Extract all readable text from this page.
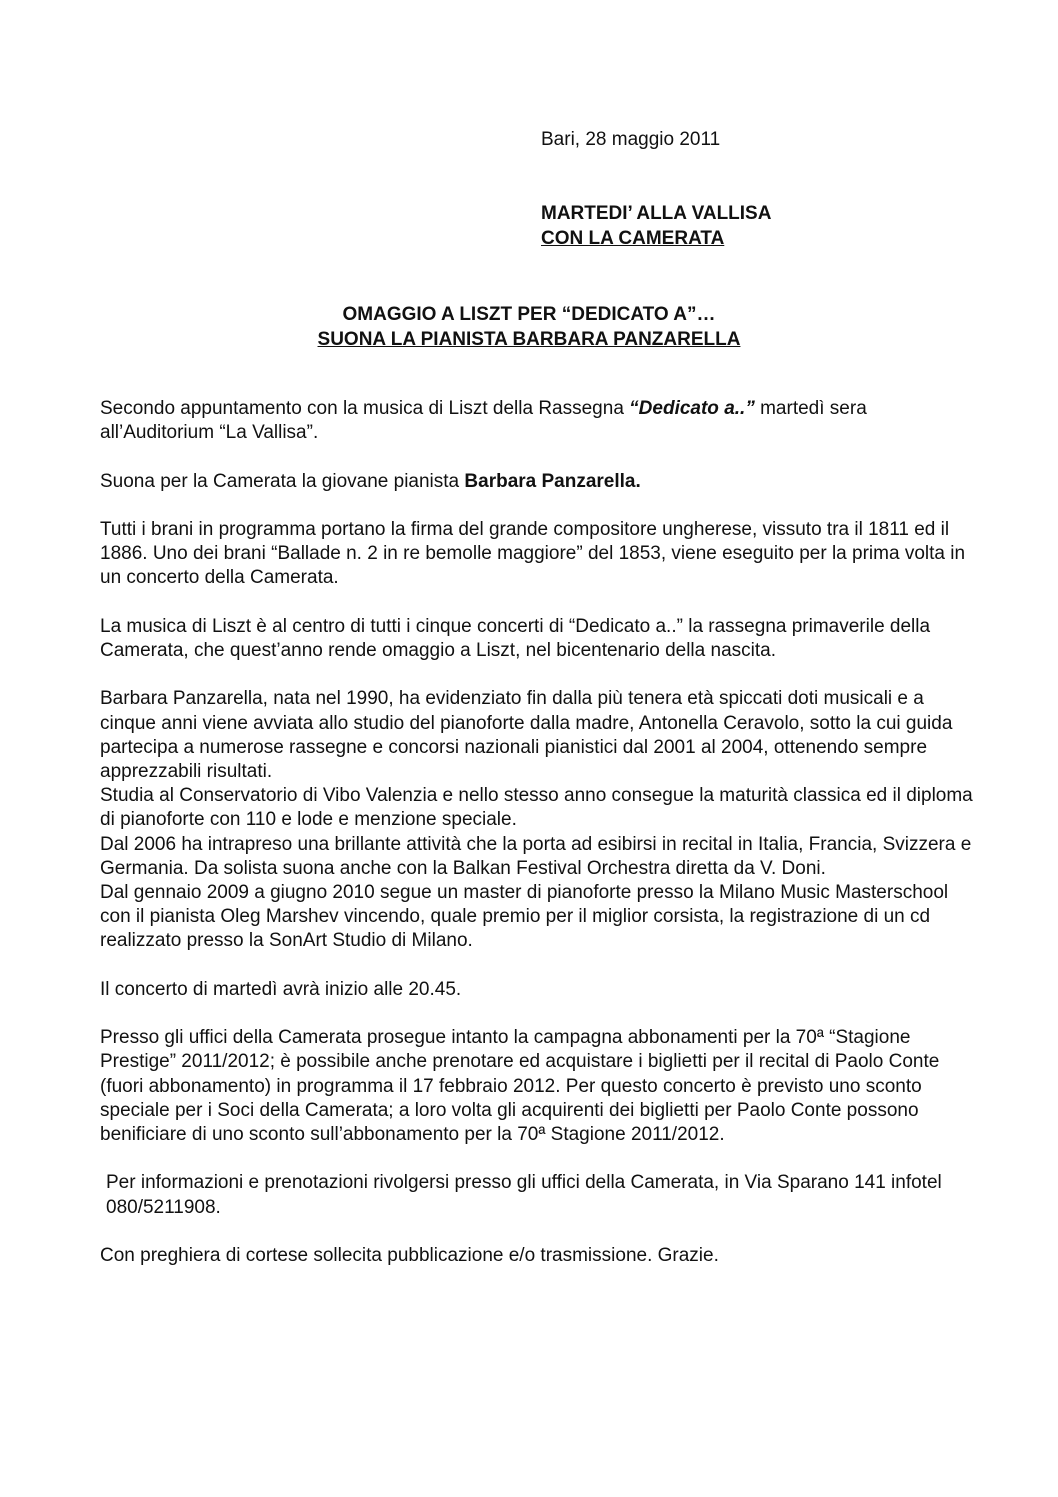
Bari, 28 maggio 2011

MARTEDI’ ALLA VALLISA
CON LA CAMERATA
OMAGGIO A LISZT PER “DEDICATO A”…
SUONA LA PIANISTA BARBARA PANZARELLA

Secondo appuntamento con la musica di Liszt della Rassegna “Dedicato a..” martedì sera all’Auditorium “La Vallisa”.

Suona per la Camerata la giovane pianista Barbara Panzarella.

Tutti i brani in programma portano la firma del grande compositore ungherese, vissuto tra il 1811 ed il 1886. Uno dei brani “Ballade n. 2 in re bemolle maggiore” del 1853, viene eseguito per la prima volta in un concerto della Camerata.

La musica di Liszt è al centro di tutti i cinque concerti di “Dedicato a..” la rassegna primaverile della Camerata, che quest’anno rende omaggio a Liszt, nel bicentenario della nascita.

Barbara Panzarella, nata nel 1990, ha evidenziato fin dalla più tenera età spiccati doti musicali e a cinque anni viene avviata allo studio del pianoforte dalla madre, Antonella Ceravolo, sotto la cui guida partecipa a numerose rassegne e concorsi nazionali pianistici dal 2001 al 2004, ottenendo sempre apprezzabili risultati.

Studia al Conservatorio di Vibo Valenzia e nello stesso anno consegue la maturità classica ed il diploma di pianoforte con 110 e lode e menzione speciale.

Dal 2006 ha intrapreso una brillante attività che la porta ad esibirsi in recital in Italia, Francia, Svizzera e Germania. Da solista suona anche con la Balkan Festival Orchestra diretta da V. Doni.

Dal gennaio 2009 a giugno 2010 segue un master di pianoforte presso la Milano Music Masterschool con il pianista Oleg Marshev vincendo, quale premio per il miglior corsista, la registrazione di un cd realizzato presso la SonArt Studio di Milano.

Il concerto di martedì avrà inizio alle 20.45.

Presso gli uffici della Camerata prosegue intanto la campagna abbonamenti per la 70ª “Stagione Prestige” 2011/2012; è possibile anche prenotare ed acquistare i biglietti per il recital di Paolo Conte (fuori abbonamento) in programma il 17 febbraio 2012. Per questo concerto è previsto uno sconto speciale per i Soci della Camerata; a loro volta gli acquirenti dei biglietti per Paolo Conte possono benificiare di uno sconto sull’abbonamento per la 70ª Stagione 2011/2012.

Per informazioni e prenotazioni rivolgersi presso gli uffici della Camerata, in Via Sparano 141 infotel 080/5211908.

Con preghiera di cortese sollecita pubblicazione e/o trasmissione. Grazie.
